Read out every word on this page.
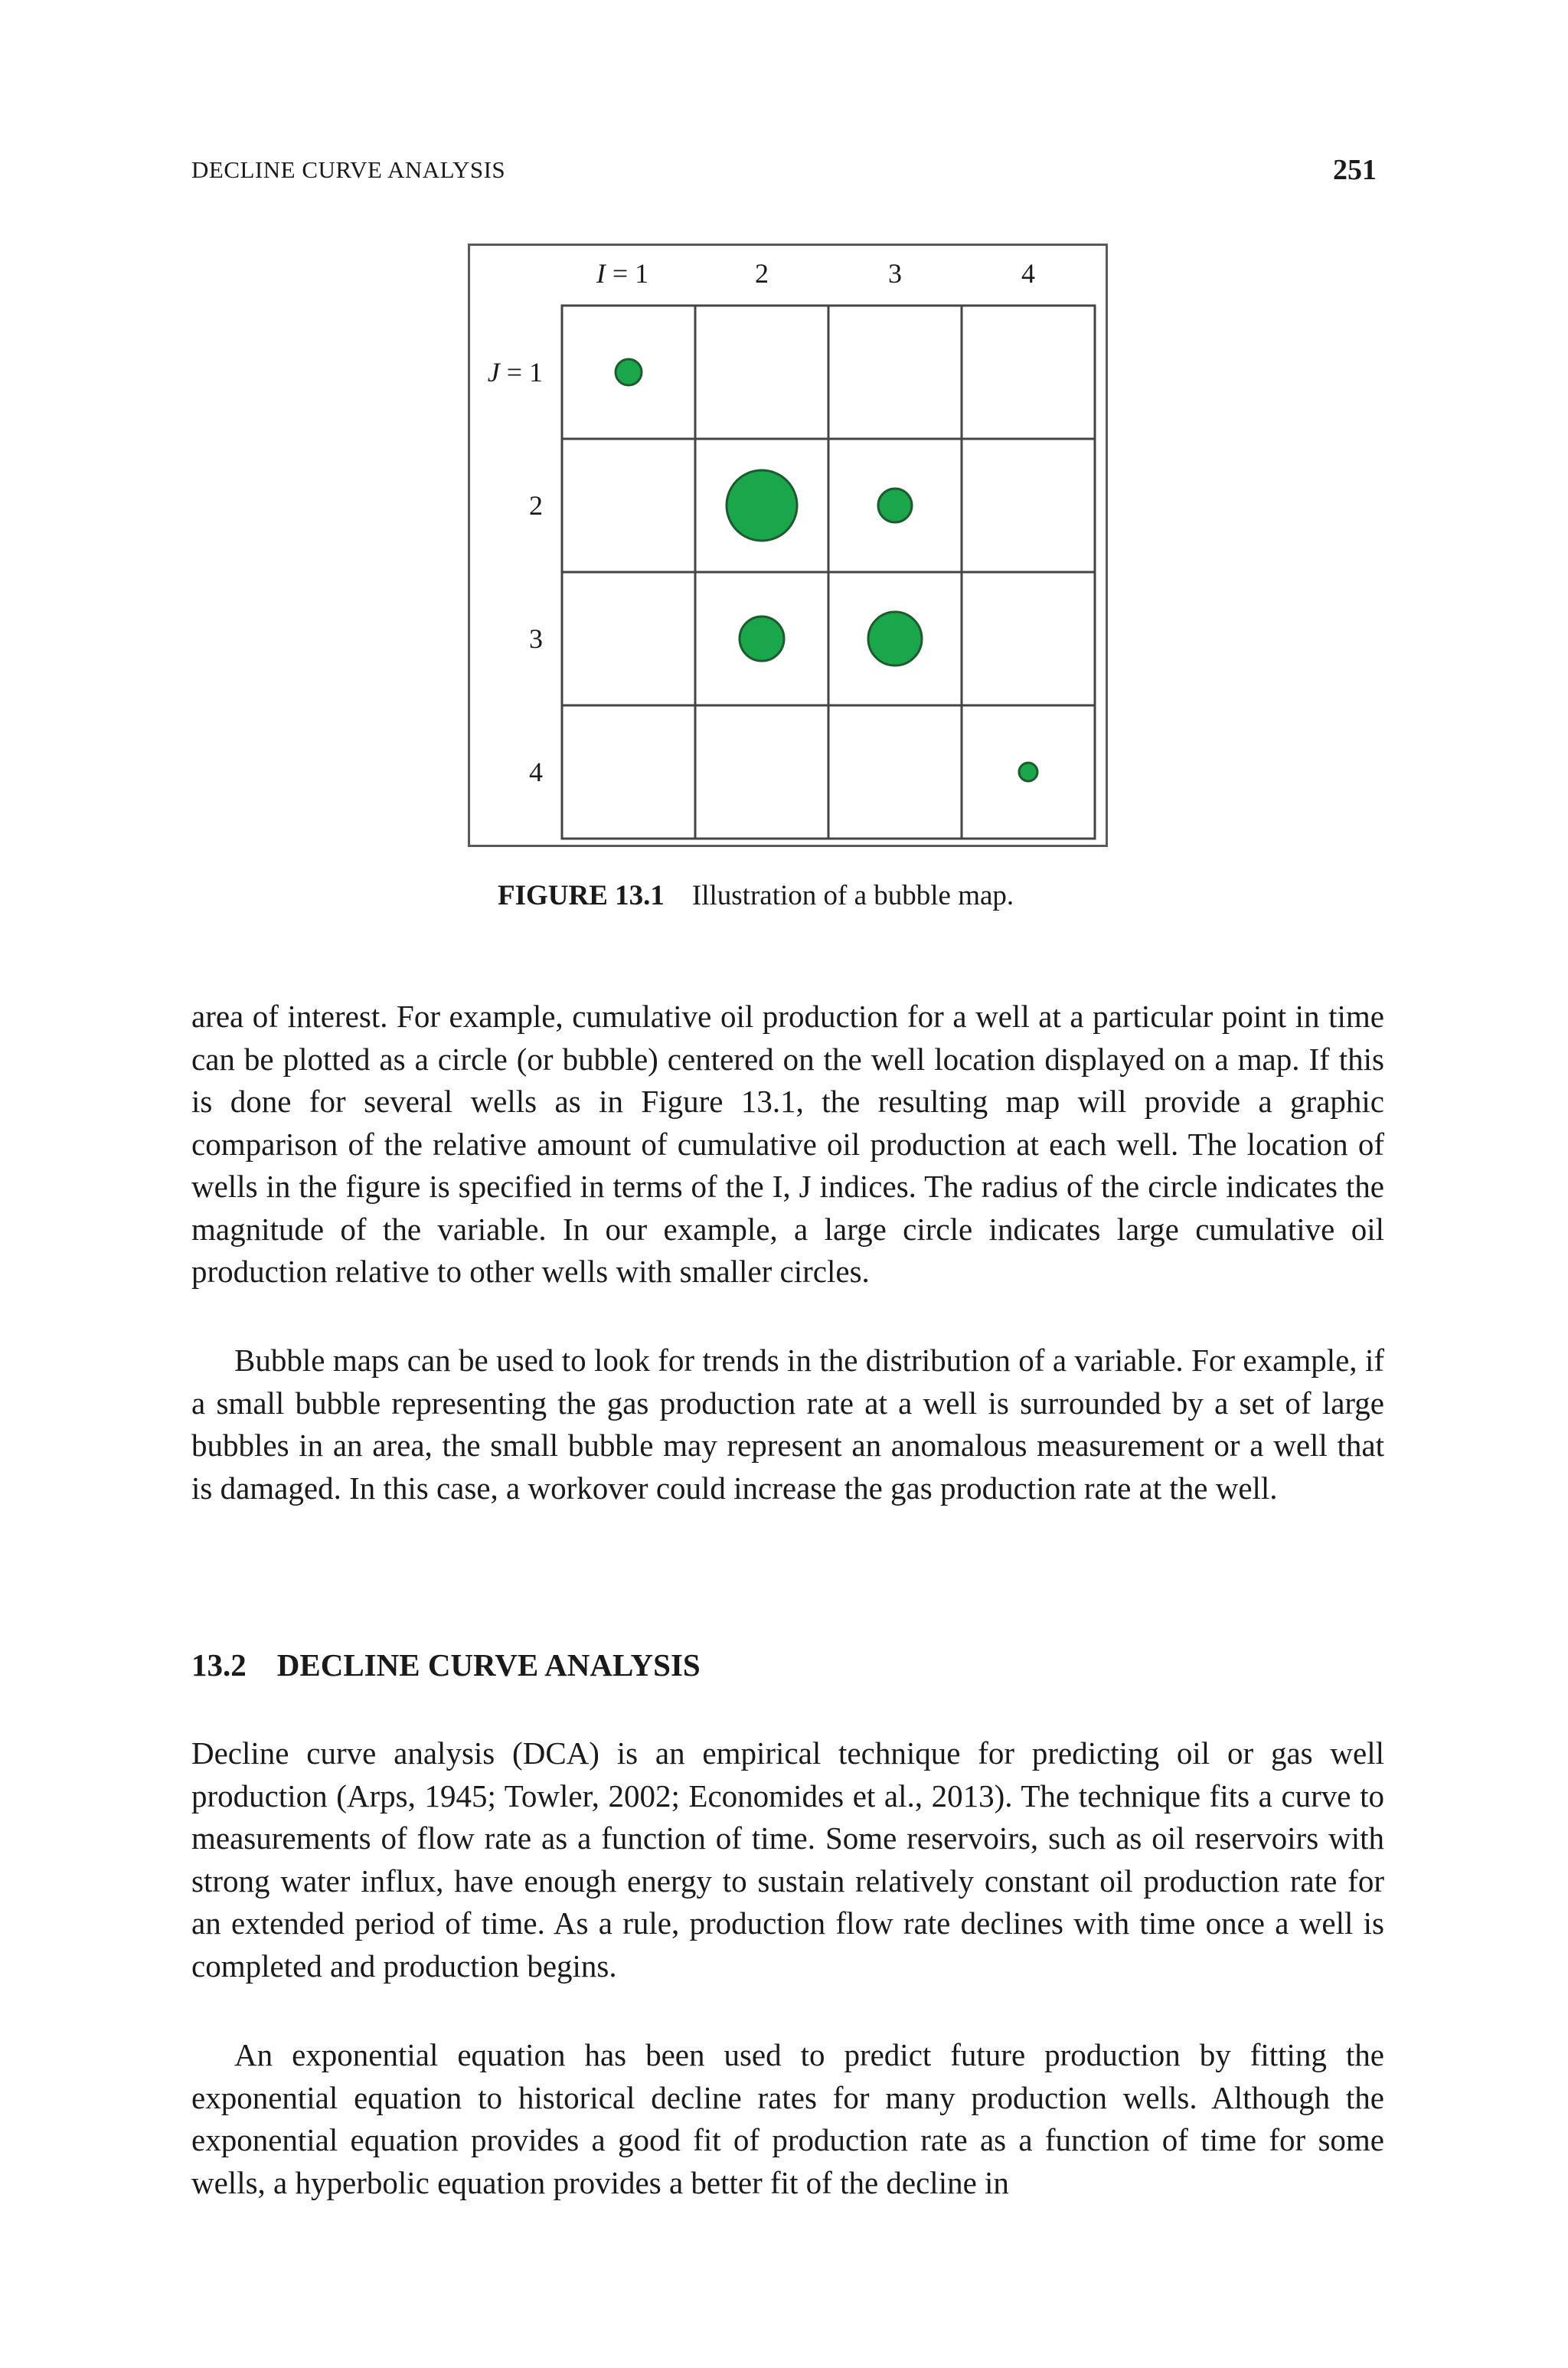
DECLINE CURVE ANALYSIS	251
I = 1	2	3	4
J = 1
2
3
4
FIGURE 13.1 Illustration of a bubble map.

area of interest. For example, cumulative oil production for a well at a particular point in time can be plotted as a circle (or bubble) centered on the well location displayed on a map. If this is done for several wells as in Figure 13.1, the resulting map will provide a graphic comparison of the relative amount of cumulative oil production at each well. The location of wells in the figure is specified in terms of the I, J indices. The radius of the circle indicates the magnitude of the variable. In our example, a large circle indicates large cumulative oil production relative to other wells with smaller circles.

Bubble maps can be used to look for trends in the distribution of a variable. For example, if a small bubble representing the gas production rate at a well is surrounded by a set of large bubbles in an area, the small bubble may represent an anomalous measurement or a well that is damaged. In this case, a workover could increase the gas production rate at the well.

13.2 DECLINE CURVE ANALYSIS

Decline curve analysis (DCA) is an empirical technique for predicting oil or gas well production (Arps, 1945; Towler, 2002; Economides et al., 2013). The technique fits a curve to measurements of flow rate as a function of time. Some reservoirs, such as oil reservoirs with strong water influx, have enough energy to sustain relatively constant oil production rate for an extended period of time. As a rule, production flow rate declines with time once a well is completed and production begins.

An exponential equation has been used to predict future production by fitting the exponential equation to historical decline rates for many production wells. Although the exponential equation provides a good fit of production rate as a function of time for some wells, a hyperbolic equation provides a better fit of the decline in
